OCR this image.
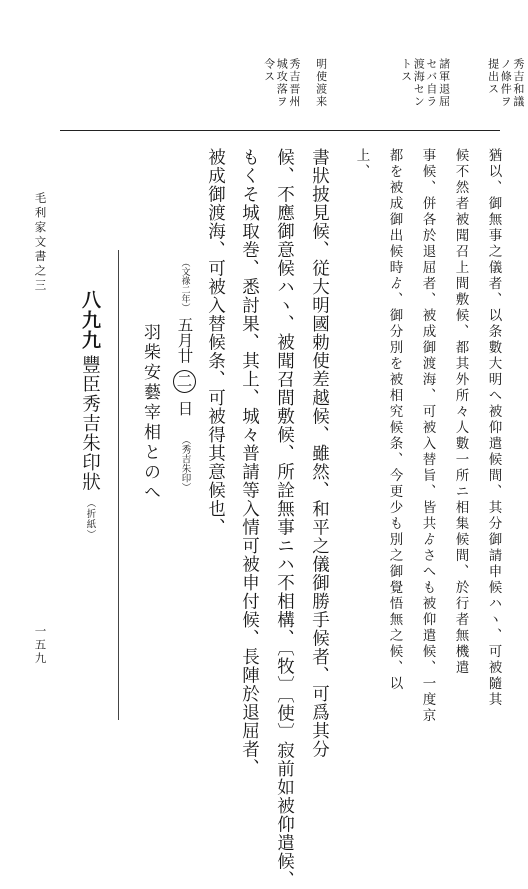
秀吉和議
ノ條件ヲ
提出ス
諸軍退屈
セバ自ラ
渡海セン
トス
明使渡来
秀吉晋州
城攻落ヲ
令ス
猶以、御無事之儀者、以条數大明へ被仰遣候間、其分御請申候ハヽ、可被隨其
候不然者被聞召上間敷候、都其外所々人數一所ニ相集候間、於行者無機遣
事候、併各於退屈者、被成御渡海、可被入替旨、皆共ゟさへも被仰遣候、一度京
都を被成御出候時ゟ、御分別を被相究候条、今更少も別之御覺悟無之候、以
上、
書狀披見候、従大明國勅使差越候、雖然、和平之儀御勝手候者、可爲其分
候、不應御意候ハヽ、被聞召間敷候、所詮無事ニハ不相構、〔牧〕〔使〕寂前如被仰遣候、
もくそ城取巻、悉討果、其上、城々普請等入情可被申付候、長陣於退屈者、
被成御渡海、可被入替候条、可被得其意候也、
（文祿二年） 五月廿 二 日 （秀吉朱印）
羽柴安藝宰相とのへ
八九九
豐臣秀吉朱印狀（折紙）
毛利家文書之三
一五九
